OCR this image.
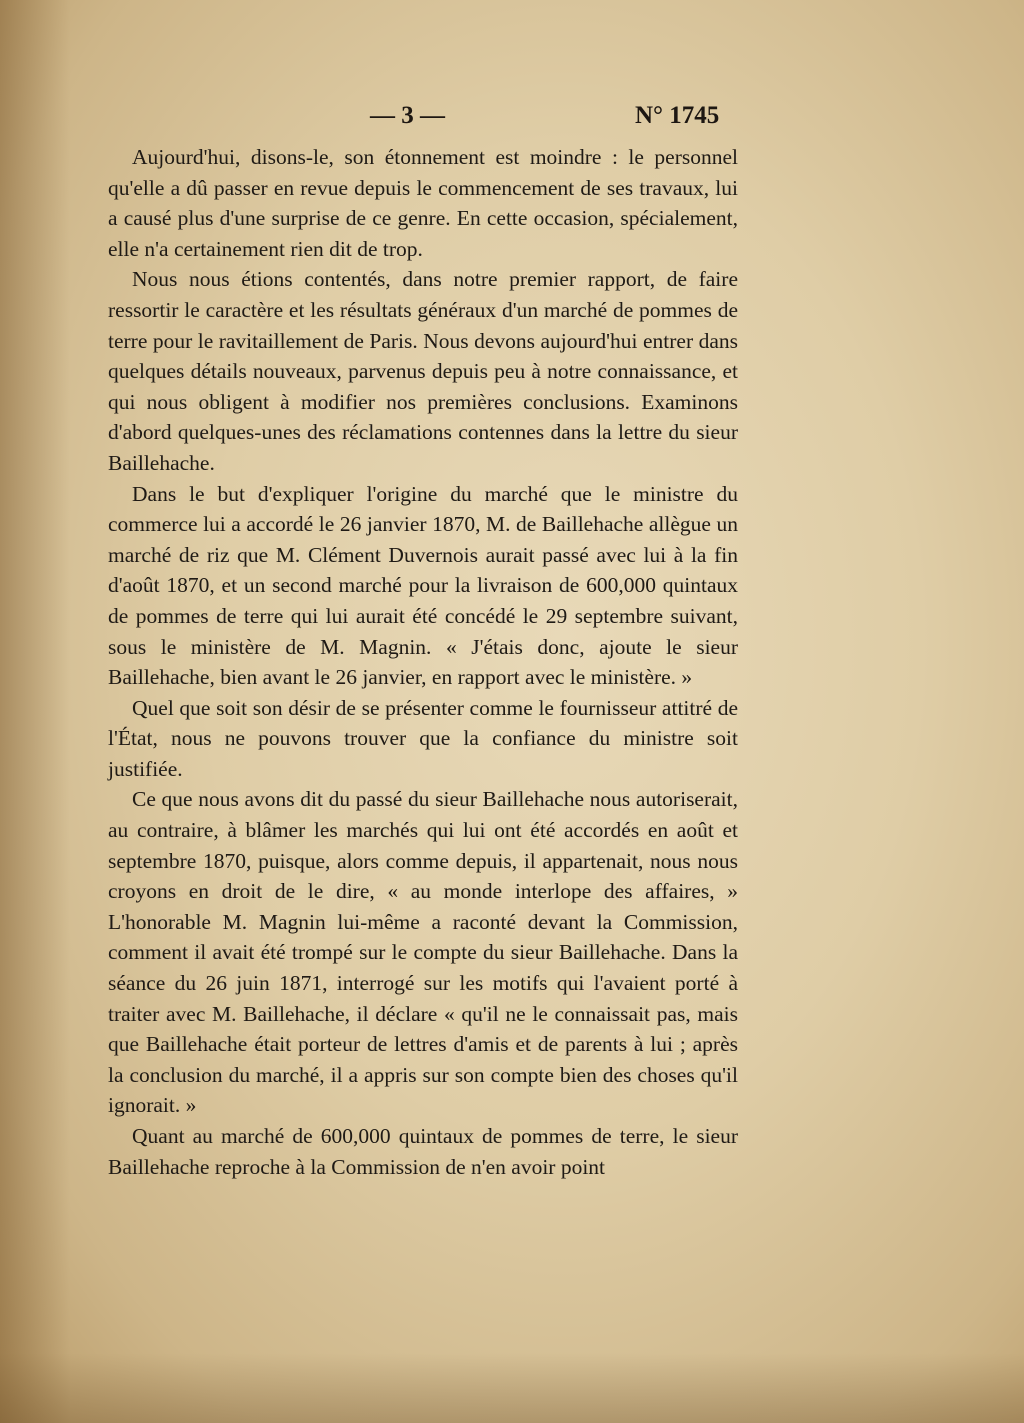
— 3 —	N° 1745

Aujourd'hui, disons-le, son étonnement est moindre : le personnel qu'elle a dû passer en revue depuis le commencement de ses travaux, lui a causé plus d'une surprise de ce genre. En cette occasion, spécialement, elle n'a certainement rien dit de trop.

Nous nous étions contentés, dans notre premier rapport, de faire ressortir le caractère et les résultats généraux d'un marché de pommes de terre pour le ravitaillement de Paris. Nous devons aujourd'hui entrer dans quelques détails nouveaux, parvenus depuis peu à notre connaissance, et qui nous obligent à modifier nos premières conclusions. Examinons d'abord quelques-unes des réclamations contennes dans la lettre du sieur Baillehache.

Dans le but d'expliquer l'origine du marché que le ministre du commerce lui a accordé le 26 janvier 1870, M. de Baillehache allègue un marché de riz que M. Clément Duvernois aurait passé avec lui à la fin d'août 1870, et un second marché pour la livraison de 600,000 quintaux de pommes de terre qui lui aurait été concédé le 29 septembre suivant, sous le ministère de M. Magnin. « J'étais donc, ajoute le sieur Baillehache, bien avant le 26 janvier, en rapport avec le ministère. »

Quel que soit son désir de se présenter comme le fournisseur attitré de l'État, nous ne pouvons trouver que la confiance du ministre soit justifiée.

Ce que nous avons dit du passé du sieur Baillehache nous autoriserait, au contraire, à blâmer les marchés qui lui ont été accordés en août et septembre 1870, puisque, alors comme depuis, il appartenait, nous nous croyons en droit de le dire, « au monde interlope des affaires, » L'honorable M. Magnin lui-même a raconté devant la Commission, comment il avait été trompé sur le compte du sieur Baillehache. Dans la séance du 26 juin 1871, interrogé sur les motifs qui l'avaient porté à traiter avec M. Baillehache, il déclare « qu'il ne le connaissait pas, mais que Baillehache était porteur de lettres d'amis et de parents à lui ; après la conclusion du marché, il a appris sur son compte bien des choses qu'il ignorait. »

Quant au marché de 600,000 quintaux de pommes de terre, le sieur Baillehache reproche à la Commission de n'en avoir point
